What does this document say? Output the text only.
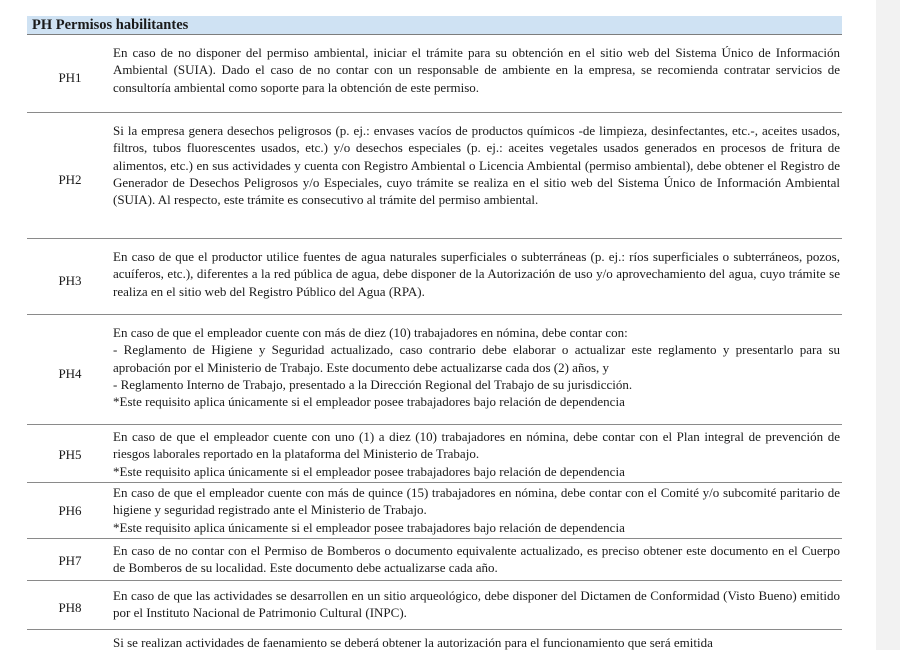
PH Permisos habilitantes
PH1

En caso de no disponer del permiso ambiental, iniciar el trámite para su obtención en el sitio web del Sistema Único de Información Ambiental (SUIA). Dado el caso de no contar con un responsable de ambiente en la empresa, se recomienda contratar servicios de consultoría ambiental como soporte para la obtención de este permiso.

PH2

Si la empresa genera desechos peligrosos (p. ej.: envases vacíos de productos químicos -de limpieza, desinfectantes, etc.-, aceites usados, filtros, tubos fluorescentes usados, etc.) y/o desechos especiales (p. ej.: aceites vegetales usados generados en procesos de fritura de alimentos, etc.) en sus actividades y cuenta con Registro Ambiental o Licencia Ambiental (permiso ambiental), debe obtener el Registro de Generador de Desechos Peligrosos y/o Especiales, cuyo trámite se realiza en el sitio web del Sistema Único de Información Ambiental (SUIA). Al respecto, este trámite es consecutivo al trámite del permiso ambiental.

PH3

En caso de que el productor utilice fuentes de agua naturales superficiales o subterráneas (p. ej.: ríos superficiales o subterráneos, pozos, acuíferos, etc.), diferentes a la red pública de agua, debe disponer de la Autorización de uso y/o aprovechamiento del agua, cuyo trámite se realiza en el sitio web del Registro Público del Agua (RPA).

PH4

En caso de que el empleador cuente con más de diez (10) trabajadores en nómina, debe contar con:

- Reglamento de Higiene y Seguridad actualizado, caso contrario debe elaborar o actualizar este reglamento y presentarlo para su aprobación por el Ministerio de Trabajo. Este documento debe actualizarse cada dos (2) años, y

- Reglamento Interno de Trabajo, presentado a la Dirección Regional del Trabajo de su jurisdicción.

*Este requisito aplica únicamente si el empleador posee trabajadores bajo relación de dependencia

PH5

En caso de que el empleador cuente con uno (1) a diez (10) trabajadores en nómina, debe contar con el Plan integral de prevención de riesgos laborales reportado en la plataforma del Ministerio de Trabajo.

*Este requisito aplica únicamente si el empleador posee trabajadores bajo relación de dependencia

PH6

En caso de que el empleador cuente con más de quince (15) trabajadores en nómina, debe contar con el Comité y/o subcomité paritario de higiene y seguridad registrado ante el Ministerio de Trabajo.

*Este requisito aplica únicamente si el empleador posee trabajadores bajo relación de dependencia

PH7

En caso de no contar con el Permiso de Bomberos o documento equivalente actualizado, es preciso obtener este documento en el Cuerpo de Bomberos de su localidad. Este documento debe actualizarse cada año.

PH8

En caso de que las actividades se desarrollen en un sitio arqueológico, debe disponer del Dictamen de Conformidad (Visto Bueno) emitido por el Instituto Nacional de Patrimonio Cultural (INPC).

Si se realizan actividades de faenamiento se deberá obtener la autorización para el funcionamiento que será emitida
